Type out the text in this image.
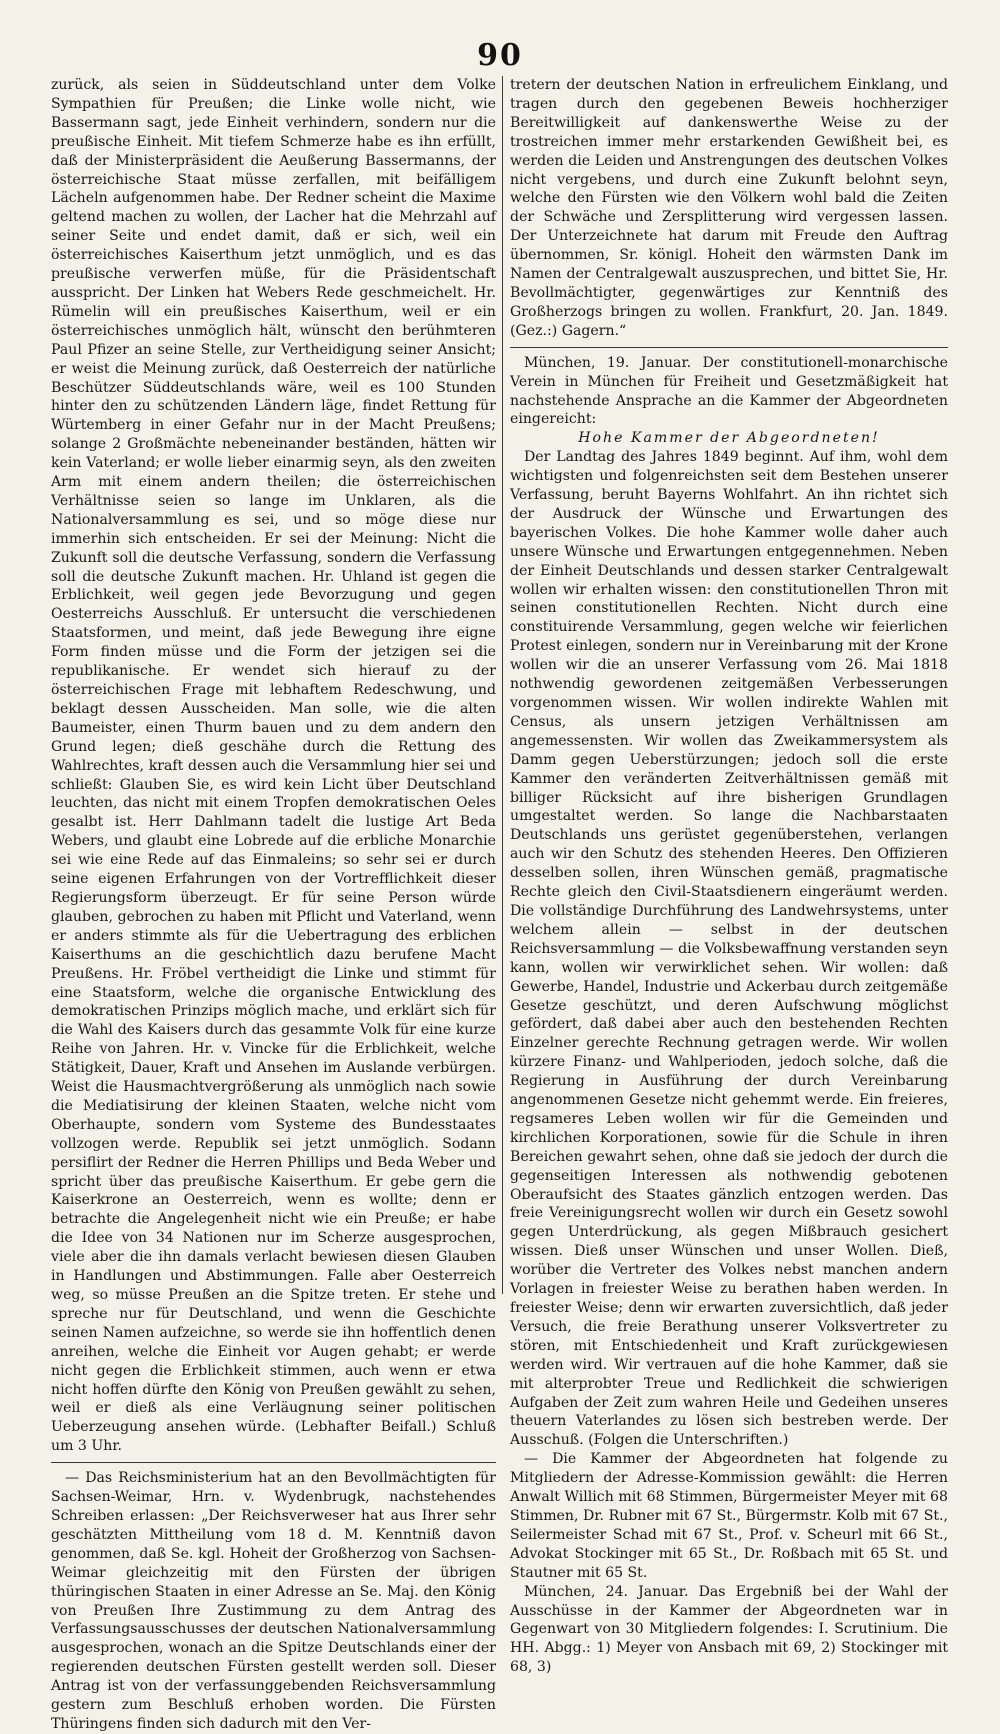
90

zurück, als seien in Süddeutschland unter dem Volke Sympathien für Preußen; die Linke wolle nicht, wie Bassermann sagt, jede Einheit verhindern, sondern nur die preußische Einheit. Mit tiefem Schmerze habe es ihn erfüllt, daß der Ministerpräsident die Aeußerung Bassermanns, der österreichische Staat müsse zerfallen, mit beifälligem Lächeln aufgenommen habe. Der Redner scheint die Maxime geltend machen zu wollen, der Lacher hat die Mehrzahl auf seiner Seite und endet damit, daß er sich, weil ein österreichisches Kaiserthum jetzt unmöglich, und es das preußische verwerfen müße, für die Präsidentschaft ausspricht. Der Linken hat Webers Rede geschmeichelt. Hr. Rümelin will ein preußisches Kaiserthum, weil er ein österreichisches unmöglich hält, wünscht den berühmteren Paul Pfizer an seine Stelle, zur Vertheidigung seiner Ansicht; er weist die Meinung zurück, daß Oesterreich der natürliche Beschützer Süddeutschlands wäre, weil es 100 Stunden hinter den zu schützenden Ländern läge, findet Rettung für Würtemberg in einer Gefahr nur in der Macht Preußens; solange 2 Großmächte nebeneinander beständen, hätten wir kein Vaterland; er wolle lieber einarmig seyn, als den zweiten Arm mit einem andern theilen; die österreichischen Verhältnisse seien so lange im Unklaren, als die Nationalversammlung es sei, und so möge diese nur immerhin sich entscheiden. Er sei der Meinung: Nicht die Zukunft soll die deutsche Verfassung, sondern die Verfassung soll die deutsche Zukunft machen. Hr. Uhland ist gegen die Erblichkeit, weil gegen jede Bevorzugung und gegen Oesterreichs Ausschluß. Er untersucht die verschiedenen Staatsformen, und meint, daß jede Bewegung ihre eigne Form finden müsse und die Form der jetzigen sei die republikanische. Er wendet sich hierauf zu der österreichischen Frage mit lebhaftem Redeschwung, und beklagt dessen Ausscheiden. Man solle, wie die alten Baumeister, einen Thurm bauen und zu dem andern den Grund legen; dieß geschähe durch die Rettung des Wahlrechtes, kraft dessen auch die Versammlung hier sei und schließt: Glauben Sie, es wird kein Licht über Deutschland leuchten, das nicht mit einem Tropfen demokratischen Oeles gesalbt ist. Herr Dahlmann tadelt die lustige Art Beda Webers, und glaubt eine Lobrede auf die erbliche Monarchie sei wie eine Rede auf das Einmaleins; so sehr sei er durch seine eigenen Erfahrungen von der Vortrefflichkeit dieser Regierungsform überzeugt. Er für seine Person würde glauben, gebrochen zu haben mit Pflicht und Vaterland, wenn er anders stimmte als für die Uebertragung des erblichen Kaiserthums an die geschichtlich dazu berufene Macht Preußens. Hr. Fröbel vertheidigt die Linke und stimmt für eine Staatsform, welche die organische Entwicklung des demokratischen Prinzips möglich mache, und erklärt sich für die Wahl des Kaisers durch das gesammte Volk für eine kurze Reihe von Jahren. Hr. v. Vincke für die Erblichkeit, welche Stätigkeit, Dauer, Kraft und Ansehen im Auslande verbürgen. Weist die Hausmachtvergrößerung als unmöglich nach sowie die Mediatisirung der kleinen Staaten, welche nicht vom Oberhaupte, sondern vom Systeme des Bundesstaates vollzogen werde. Republik sei jetzt unmöglich. Sodann persiflirt der Redner die Herren Phillips und Beda Weber und spricht über das preußische Kaiserthum. Er gebe gern die Kaiserkrone an Oesterreich, wenn es wollte; denn er betrachte die Angelegenheit nicht wie ein Preuße; er habe die Idee von 34 Nationen nur im Scherze ausgesprochen, viele aber die ihn damals verlacht bewiesen diesen Glauben in Handlungen und Abstimmungen. Falle aber Oesterreich weg, so müsse Preußen an die Spitze treten. Er stehe und spreche nur für Deutschland, und wenn die Geschichte seinen Namen aufzeichne, so werde sie ihn hoffentlich denen anreihen, welche die Einheit vor Augen gehabt; er werde nicht gegen die Erblichkeit stimmen, auch wenn er etwa nicht hoffen dürfte den König von Preußen gewählt zu sehen, weil er dieß als eine Verläugnung seiner politischen Ueberzeugung ansehen würde. (Lebhafter Beifall.) Schluß um 3 Uhr.

— Das Reichsministerium hat an den Bevollmächtigten für Sachsen-Weimar, Hrn. v. Wydenbrugk, nachstehendes Schreiben erlassen: „Der Reichsverweser hat aus Ihrer sehr geschätzten Mittheilung vom 18 d. M. Kenntniß davon genommen, daß Se. kgl. Hoheit der Großherzog von Sachsen-Weimar gleichzeitig mit den Fürsten der übrigen thüringischen Staaten in einer Adresse an Se. Maj. den König von Preußen Ihre Zustimmung zu dem Antrag des Verfassungsausschusses der deutschen Nationalversammlung ausgesprochen, wonach an die Spitze Deutschlands einer der regierenden deutschen Fürsten gestellt werden soll. Dieser Antrag ist von der verfassunggebenden Reichsversammlung gestern zum Beschluß erhoben worden. Die Fürsten Thüringens finden sich dadurch mit den Ver-

tretern der deutschen Nation in erfreulichem Einklang, und tragen durch den gegebenen Beweis hochherziger Bereitwilligkeit auf dankenswerthe Weise zu der trostreichen immer mehr erstarkenden Gewißheit bei, es werden die Leiden und Anstrengungen des deutschen Volkes nicht vergebens, und durch eine Zukunft belohnt seyn, welche den Fürsten wie den Völkern wohl bald die Zeiten der Schwäche und Zersplitterung wird vergessen lassen. Der Unterzeichnete hat darum mit Freude den Auftrag übernommen, Sr. königl. Hoheit den wärmsten Dank im Namen der Centralgewalt auszusprechen, und bittet Sie, Hr. Bevollmächtigter, gegenwärtiges zur Kenntniß des Großherzogs bringen zu wollen. Frankfurt, 20. Jan. 1849. (Gez.:) Gagern.“

München, 19. Januar. Der constitutionell-monarchische Verein in München für Freiheit und Gesetzmäßigkeit hat nachstehende Ansprache an die Kammer der Abgeordneten eingereicht:

Hohe Kammer der Abgeordneten!

Der Landtag des Jahres 1849 beginnt. Auf ihm, wohl dem wichtigsten und folgenreichsten seit dem Bestehen unserer Verfassung, beruht Bayerns Wohlfahrt. An ihn richtet sich der Ausdruck der Wünsche und Erwartungen des bayerischen Volkes. Die hohe Kammer wolle daher auch unsere Wünsche und Erwartungen entgegennehmen. Neben der Einheit Deutschlands und dessen starker Centralgewalt wollen wir erhalten wissen: den constitutionellen Thron mit seinen constitutionellen Rechten. Nicht durch eine constituirende Versammlung, gegen welche wir feierlichen Protest einlegen, sondern nur in Vereinbarung mit der Krone wollen wir die an unserer Verfassung vom 26. Mai 1818 nothwendig gewordenen zeitgemäßen Verbesserungen vorgenommen wissen. Wir wollen indirekte Wahlen mit Census, als unsern jetzigen Verhältnissen am angemessensten. Wir wollen das Zweikammersystem als Damm gegen Ueberstürzungen; jedoch soll die erste Kammer den veränderten Zeitverhältnissen gemäß mit billiger Rücksicht auf ihre bisherigen Grundlagen umgestaltet werden. So lange die Nachbarstaaten Deutschlands uns gerüstet gegenüberstehen, verlangen auch wir den Schutz des stehenden Heeres. Den Offizieren desselben sollen, ihren Wünschen gemäß, pragmatische Rechte gleich den Civil-Staatsdienern eingeräumt werden. Die vollständige Durchführung des Landwehrsystems, unter welchem allein — selbst in der deutschen Reichsversammlung — die Volksbewaffnung verstanden seyn kann, wollen wir verwirklichet sehen. Wir wollen: daß Gewerbe, Handel, Industrie und Ackerbau durch zeitgemäße Gesetze geschützt, und deren Aufschwung möglichst gefördert, daß dabei aber auch den bestehenden Rechten Einzelner gerechte Rechnung getragen werde. Wir wollen kürzere Finanz- und Wahlperioden, jedoch solche, daß die Regierung in Ausführung der durch Vereinbarung angenommenen Gesetze nicht gehemmt werde. Ein freieres, regsameres Leben wollen wir für die Gemeinden und kirchlichen Korporationen, sowie für die Schule in ihren Bereichen gewahrt sehen, ohne daß sie jedoch der durch die gegenseitigen Interessen als nothwendig gebotenen Oberaufsicht des Staates gänzlich entzogen werden. Das freie Vereinigungsrecht wollen wir durch ein Gesetz sowohl gegen Unterdrückung, als gegen Mißbrauch gesichert wissen. Dieß unser Wünschen und unser Wollen. Dieß, worüber die Vertreter des Volkes nebst manchen andern Vorlagen in freiester Weise zu berathen haben werden. In freiester Weise; denn wir erwarten zuversichtlich, daß jeder Versuch, die freie Berathung unserer Volksvertreter zu stören, mit Entschiedenheit und Kraft zurückgewiesen werden wird. Wir vertrauen auf die hohe Kammer, daß sie mit alterprobter Treue und Redlichkeit die schwierigen Aufgaben der Zeit zum wahren Heile und Gedeihen unseres theuern Vaterlandes zu lösen sich bestreben werde. Der Ausschuß. (Folgen die Unterschriften.)

— Die Kammer der Abgeordneten hat folgende zu Mitgliedern der Adresse-Kommission gewählt: die Herren Anwalt Willich mit 68 Stimmen, Bürgermeister Meyer mit 68 Stimmen, Dr. Rubner mit 67 St., Bürgermstr. Kolb mit 67 St., Seilermeister Schad mit 67 St., Prof. v. Scheurl mit 66 St., Advokat Stockinger mit 65 St., Dr. Roßbach mit 65 St. und Stautner mit 65 St.

München, 24. Januar. Das Ergebniß bei der Wahl der Ausschüsse in der Kammer der Abgeordneten war in Gegenwart von 30 Mitgliedern folgendes: I. Scrutinium. Die HH. Abgg.: 1) Meyer von Ansbach mit 69, 2) Stockinger mit 68, 3)
